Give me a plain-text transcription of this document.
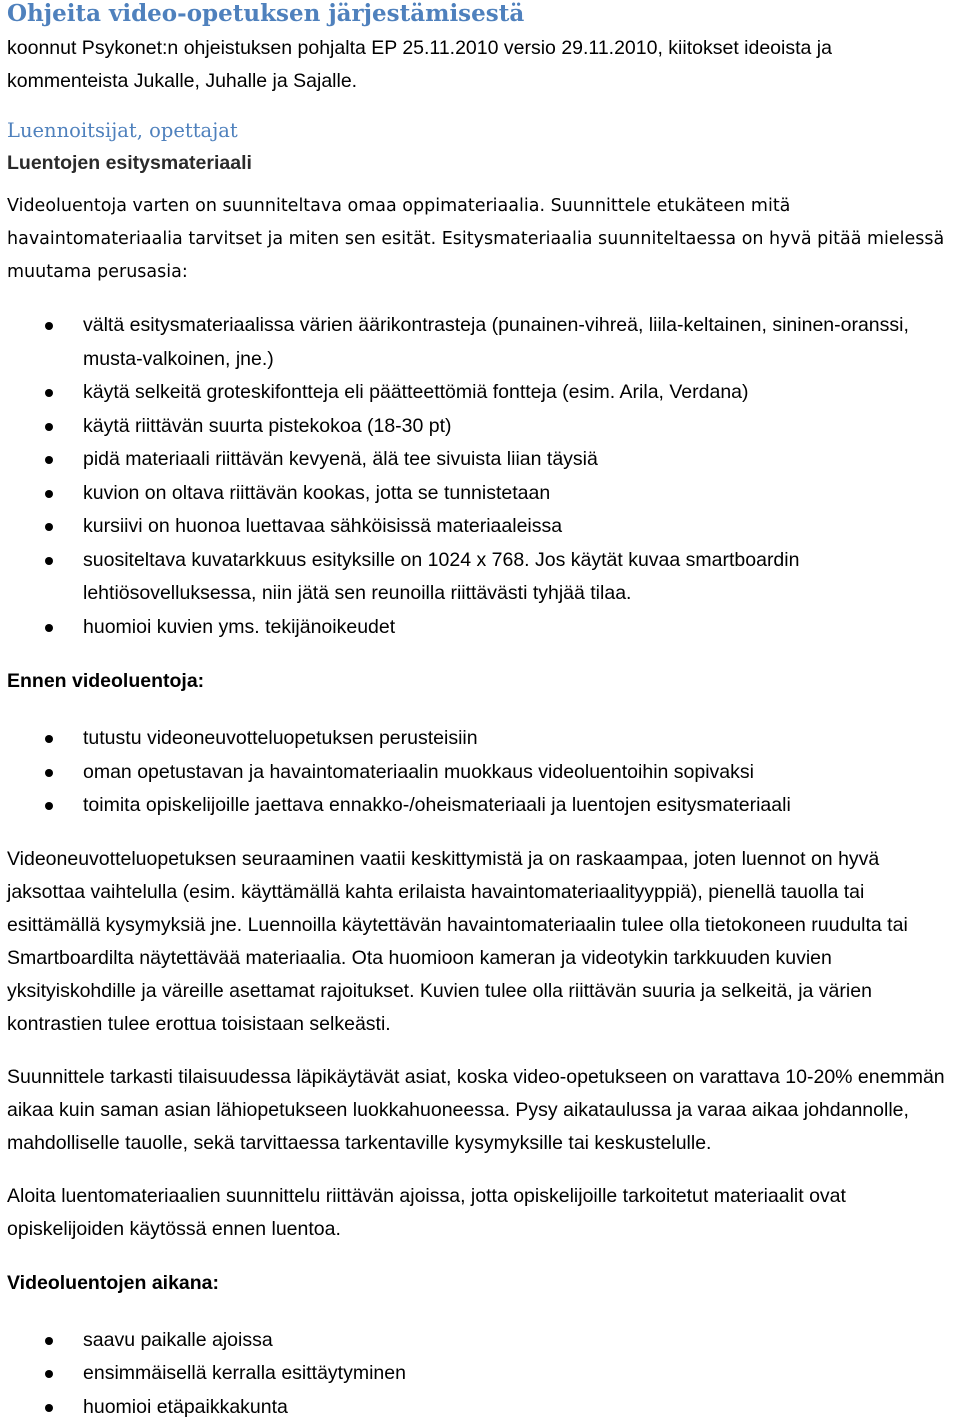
Ohjeita video-opetuksen järjestämisestä

koonnut Psykonet:n ohjeistuksen pohjalta EP 25.11.2010 versio 29.11.2010, kiitokset ideoista ja kommenteista Jukalle, Juhalle ja Sajalle.

Luennoitsijat, opettajat
Luentojen esitysmateriaali

Videoluentoja varten on suunniteltava omaa oppimateriaalia. Suunnittele etukäteen mitä havaintomateriaalia tarvitset ja miten sen esität. Esitysmateriaalia suunniteltaessa on hyvä pitää mielessä muutama perusasia:

vältä esitysmateriaalissa värien äärikontrasteja (punainen-vihreä, liila-keltainen, sininen-oranssi, musta-valkoinen, jne.)
käytä selkeitä groteskifontteja eli päätteettömiä fontteja (esim. Arila, Verdana)
käytä riittävän suurta pistekokoa (18-30 pt)
pidä materiaali riittävän kevyenä, älä tee sivuista liian täysiä
kuvion on oltava riittävän kookas, jotta se tunnistetaan
kursiivi on huonoa luettavaa sähköisissä materiaaleissa
suositeltava kuvatarkkuus esityksille on 1024 x 768. Jos käytät kuvaa smartboardin lehtiösovelluksessa, niin jätä sen reunoilla riittävästi tyhjää tilaa.
huomioi kuvien yms. tekijänoikeudet

Ennen videoluentoja:

tutustu videoneuvotteluopetuksen perusteisiin
oman opetustavan ja havaintomateriaalin muokkaus videoluentoihin sopivaksi
toimita opiskelijoille jaettava ennakko-/oheismateriaali ja luentojen esitysmateriaali

Videoneuvotteluopetuksen seuraaminen vaatii keskittymistä ja on raskaampaa, joten luennot on hyvä jaksottaa vaihtelulla (esim. käyttämällä kahta erilaista havaintomateriaalityyppiä), pienellä tauolla tai esittämällä kysymyksiä jne. Luennoilla käytettävän havaintomateriaalin tulee olla tietokoneen ruudulta tai Smartboardilta näytettävää materiaalia. Ota huomioon kameran ja videotykin tarkkuuden kuvien yksityiskohdille ja väreille asettamat rajoitukset. Kuvien tulee olla riittävän suuria ja selkeitä, ja värien kontrastien tulee erottua toisistaan selkeästi.

Suunnittele tarkasti tilaisuudessa läpikäytävät asiat, koska video-opetukseen on varattava 10-20% enemmän aikaa kuin saman asian lähiopetukseen luokkahuoneessa. Pysy aikataulussa ja varaa aikaa johdannolle, mahdolliselle tauolle, sekä tarvittaessa tarkentaville kysymyksille tai keskustelulle.

Aloita luentomateriaalien suunnittelu riittävän ajoissa, jotta opiskelijoille tarkoitetut materiaalit ovat opiskelijoiden käytössä ennen luentoa.

Videoluentojen aikana:

saavu paikalle ajoissa
ensimmäisellä kerralla esittäytyminen
huomioi etäpaikkakunta
